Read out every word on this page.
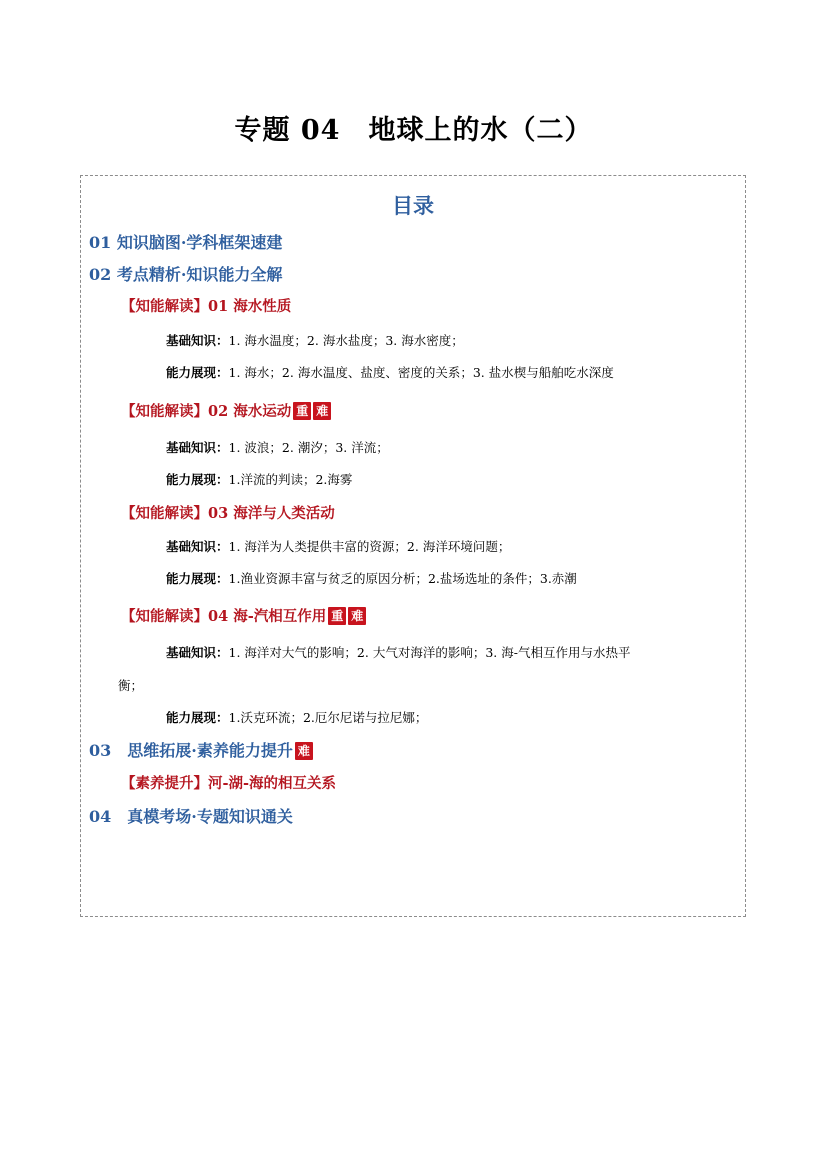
专题 04　地球上的水（二）
目录
01 知识脑图·学科框架速建
02 考点精析·知识能力全解
【知能解读】01 海水性质
基础知识：1. 海水温度；2. 海水盐度；3. 海水密度；
能力展现：1. 海水；2. 海水温度、盐度、密度的关系；3. 盐水楔与船舶吃水深度
【知能解读】02 海水运动 重 难
基础知识：1. 波浪；2. 潮汐；3. 洋流；
能力展现：1.洋流的判读；2.海雾
【知能解读】03 海洋与人类活动
基础知识：1. 海洋为人类提供丰富的资源；2. 海洋环境问题；
能力展现：1.渔业资源丰富与贫乏的原因分析；2.盐场选址的条件；3.赤潮
【知能解读】04 海-汽相互作用 重 难
基础知识：1. 海洋对大气的影响；2. 大气对海洋的影响；3. 海-气相互作用与水热平
衡；
能力展现：1.沃克环流；2.厄尔尼诺与拉尼娜；
03　思维拓展·素养能力提升 难
【素养提升】河-湖-海的相互关系
04　真模考场·专题知识通关
